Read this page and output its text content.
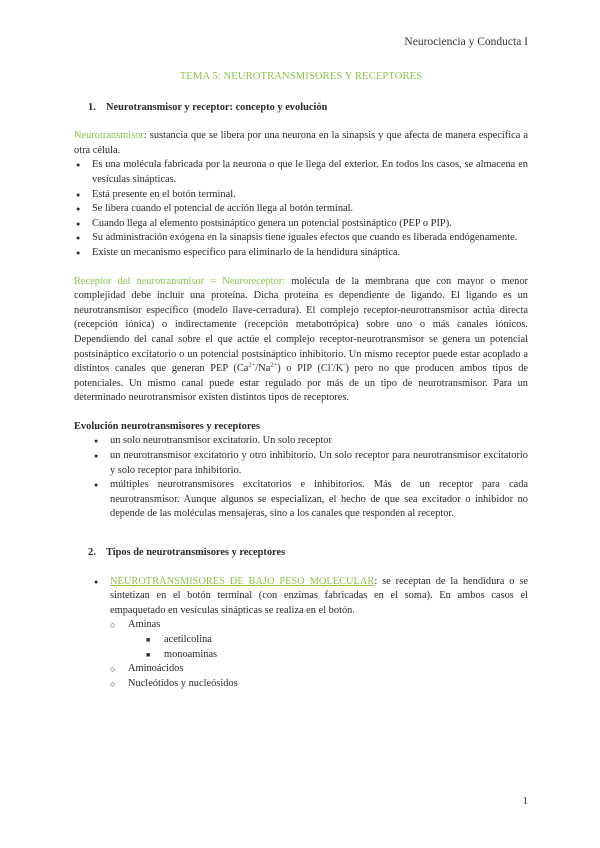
Neurociencia y Conducta I
TEMA 5: NEUROTRANSMISORES Y RECEPTORES
1. Neurotransmisor y receptor: concepto y evolución

Neurotransmisor: sustancia que se libera por una neurona en la sinapsis y que afecta de manera específica a otra célula.

● Es una molécula fabricada por la neurona o que le llega del exterior. En todos los casos, se almacena en vesículas sinápticas.
● Está presente en el botón terminal.
● Se libera cuando el potencial de acción llega al botón terminal.
● Cuando llega al elemento postsináptico genera un potencial postsináptico (PEP o PIP).
● Su administración exógena en la sinapsis tiene iguales efectos que cuando es liberada endógenamente.
● Existe un mecanismo específico para eliminarlo de la hendidura sináptica.

Receptor del neurotransmisor = Neuroreceptor: molécula de la membrana que con mayor o menor complejidad debe incluir una proteína. Dicha proteína es dependiente de ligando. El ligando es un neurotransmisor específico (modelo llave-cerradura). El complejo receptor-neurotransmisor actúa directa (recepción iónica) o indirectamente (recepción metabotrópica) sobre uno o más canales iónicos. Dependiendo del canal sobre el que actúe el complejo receptor-neurotransmisor se genera un potencial postsináptico excitatorio o un potencial postsináptico inhibitorio. Un mismo receptor puede estar acoplado a distintos canales que generan PEP $(Ca^{2+}/Na^{2+})$ o PIP (Cl-/K-) pero no que producen ambos tipos de potenciales. Un mismo canal puede estar regulado por más de un tipo de neurotransmisor. Para un determinado neurotransmisor existen distintos tipos de receptores.

Evolución neurotransmisores y receptores

● un solo neurotransmisor excitatorio. Un solo receptor
● un neurotransmisor excitatorio y otro inhibitorio. Un solo receptor para neurotransmisor excitatorio y solo receptor para inhibitorio.
● múltiples neurotransmisores excitatorios e inhibitorios. Más de un receptor para cada neurotransmisor. Aunque algunos se especializan, el hecho de que sea excitador o inhibidor no depende de las moléculas mensajeras, sino a los canales que responden al receptor.
2. Tipos de neurotransmisores y receptores
● NEUROTRANSMISORES DE BAJO PESO MOLECULAR: se receptan de la hendidura o se sintetizan en el botón terminal (con enzimas fabricadas en el soma). En ambos casos el empaquetado en vesículas sinápticas se realiza en el botón.
○ Aminas
■ acetilcolina
■ monoaminas
○ Aminoácidos
○ Nucleótidos y nucleósidos
1
